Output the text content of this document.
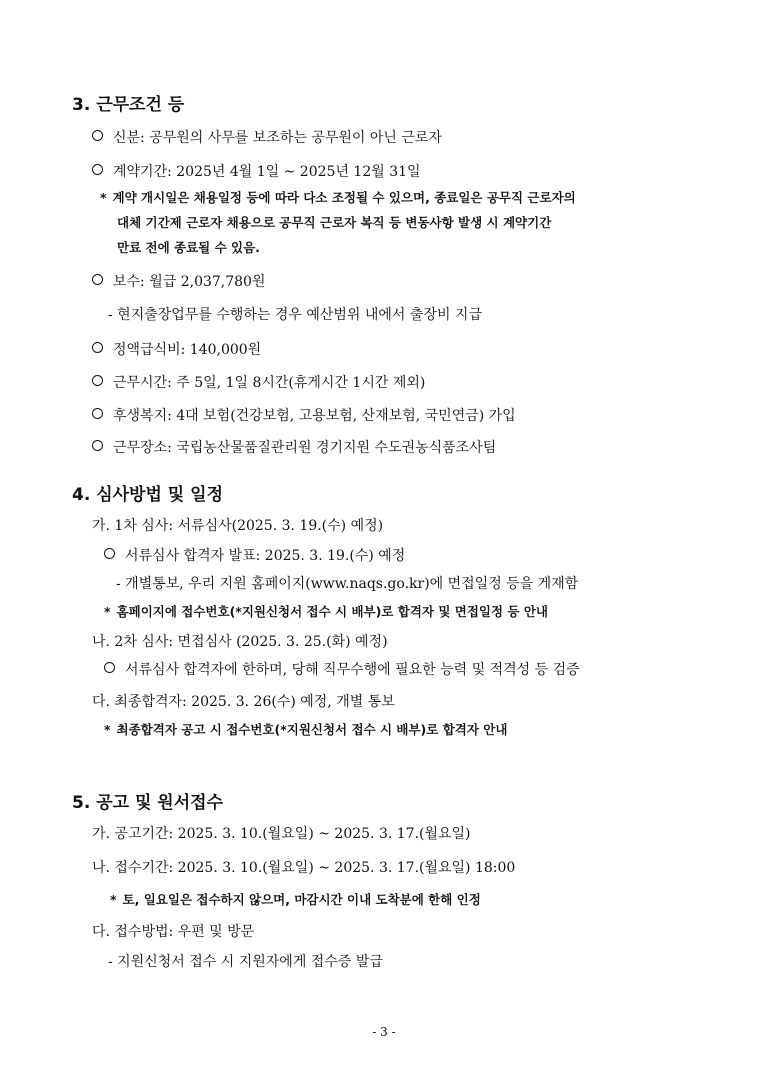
3. 근무조건 등
신분: 공무원의 사무를 보조하는 공무원이 아닌 근로자
계약기간: 2025년 4월 1일 ~ 2025년 12월 31일
* 계약 개시일은 채용일정 등에 따라 다소 조정될 수 있으며, 종료일은 공무직 근로자의
대체 기간제 근로자 채용으로 공무직 근로자 복직 등 변동사항 발생 시 계약기간
만료 전에 종료될 수 있음.
보수: 월급 2,037,780원
- 현지출장업무를 수행하는 경우 예산범위 내에서 출장비 지급
정액급식비: 140,000원
근무시간: 주 5일, 1일 8시간(휴게시간 1시간 제외)
후생복지: 4대 보험(건강보험, 고용보험, 산재보험, 국민연금) 가입
근무장소: 국립농산물품질관리원 경기지원 수도권농식품조사팀
4. 심사방법 및 일정
가. 1차 심사: 서류심사(2025. 3. 19.(수) 예정)
서류심사 합격자 발표: 2025. 3. 19.(수) 예정
- 개별통보, 우리 지원 홈페이지(www.naqs.go.kr)에 면접일정 등을 게재함
* 홈페이지에 접수번호(*지원신청서 접수 시 배부)로 합격자 및 면접일정 등 안내
나. 2차 심사: 면접심사 (2025. 3. 25.(화) 예정)
서류심사 합격자에 한하며, 당해 직무수행에 필요한 능력 및 적격성 등 검증
다. 최종합격자: 2025. 3. 26(수) 예정, 개별 통보
* 최종합격자 공고 시 접수번호(*지원신청서 접수 시 배부)로 합격자 안내
5. 공고 및 원서접수
가. 공고기간: 2025. 3. 10.(월요일) ~ 2025. 3. 17.(월요일)
나. 접수기간: 2025. 3. 10.(월요일) ~ 2025. 3. 17.(월요일) 18:00
* 토, 일요일은 접수하지 않으며, 마감시간 이내 도착분에 한해 인정
다. 접수방법: 우편 및 방문
- 지원신청서 접수 시 지원자에게 접수증 발급
- 3 -
